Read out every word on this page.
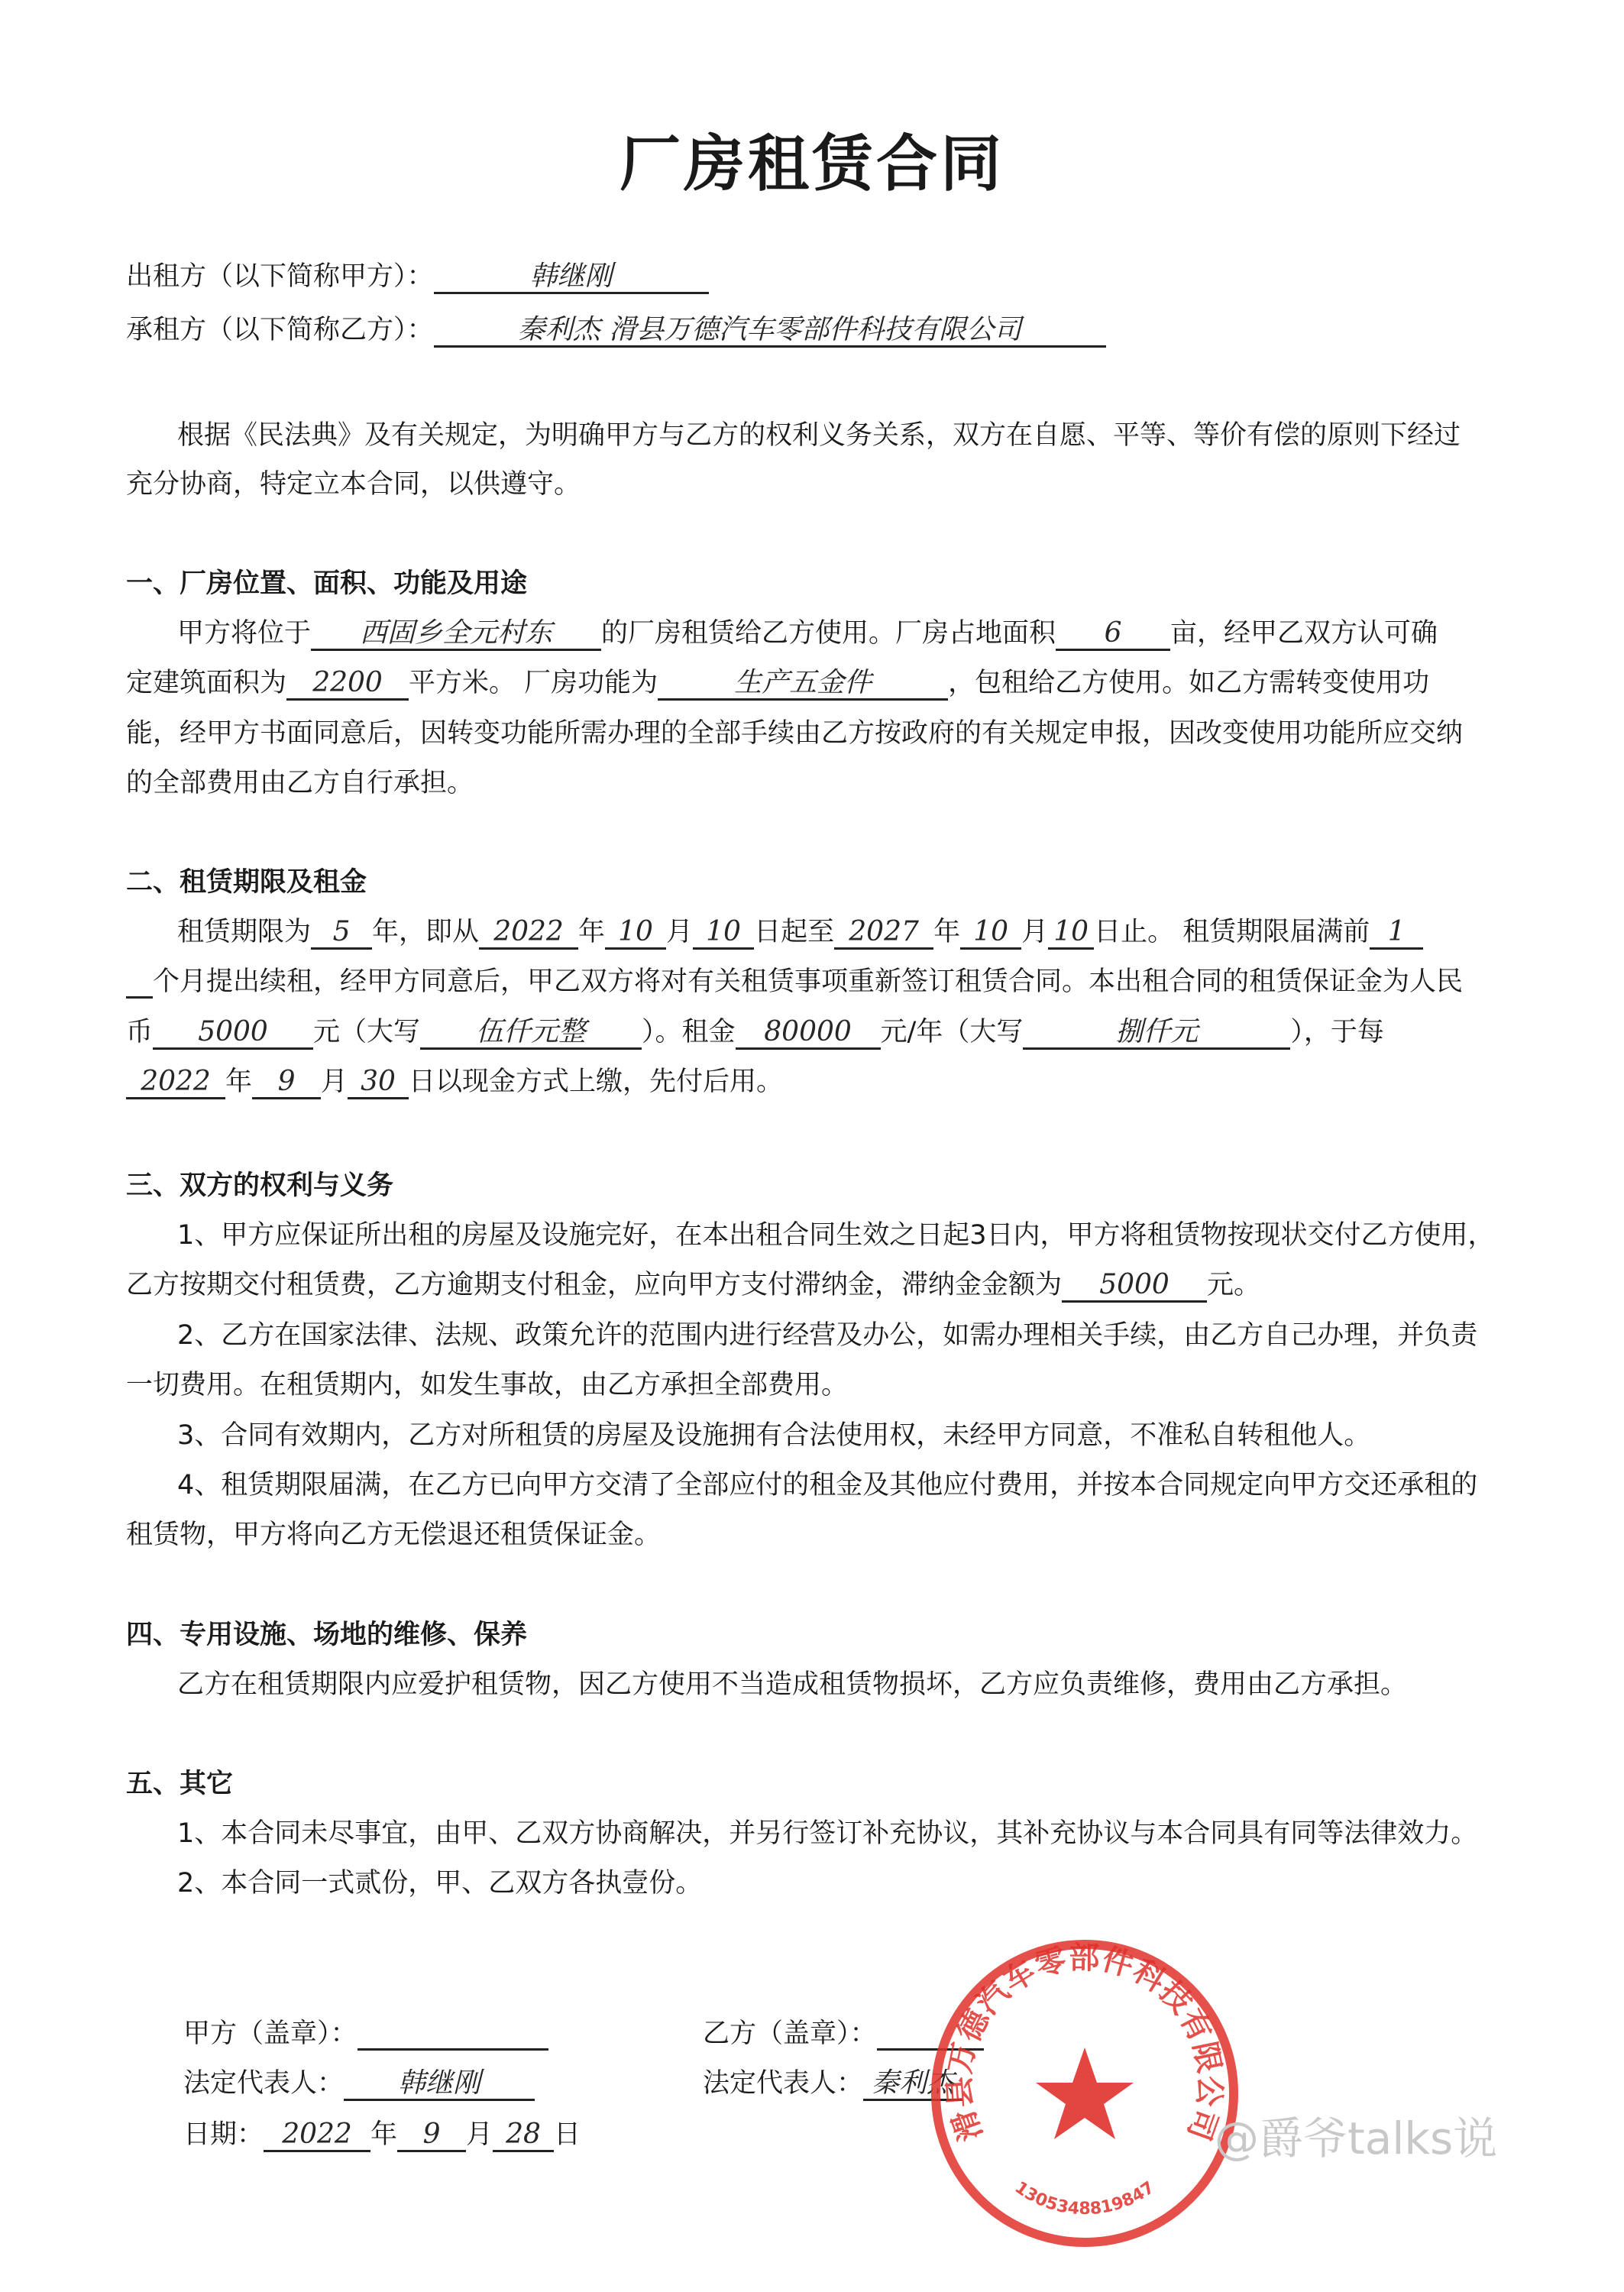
厂房租赁合同
出租方（以下简称甲方）：	韩继刚
承租方（以下简称乙方）：	秦利杰 滑县万德汽车零部件科技有限公司
根据《民法典》及有关规定，为明确甲方与乙方的权利义务关系，双方在自愿、平等、等价有偿的原则下经过
充分协商，特定立本合同，以供遵守。
一、厂房位置、面积、功能及用途
甲方将位于 西固乡全元村东 的厂房租赁给乙方使用。厂房占地面积 6 亩，经甲乙双方认可确
定建筑面积为 2200 平方米。 厂房功能为	生产五金件	，包租给乙方使用。如乙方需转变使用功
能，经甲方书面同意后，因转变功能所需办理的全部手续由乙方按政府的有关规定申报，因改变使用功能所应交纳
的全部费用由乙方自行承担。
二、租赁期限及租金
租赁期限为 5 年，即从 2022 年 10 月 10 日起至 2027 年 10 月 10 日止。 租赁期限届满前 1
个月提出续租，经甲方同意后，甲乙双方将对有关租赁事项重新签订租赁合同。本出租合同的租赁保证金为人民
币 5000 元（大写 伍仟元整 ）。租金 80000 元/年（大写	捌仟元	），于每
2022 年 9 月 30 日以现金方式上缴，先付后用。
三、双方的权利与义务
1、甲方应保证所出租的房屋及设施完好，在本出租合同生效之日起3日内，甲方将租赁物按现状交付乙方使用，
乙方按期交付租赁费，乙方逾期支付租金，应向甲方支付滞纳金，滞纳金金额为 5000 元。
2、乙方在国家法律、法规、政策允许的范围内进行经营及办公，如需办理相关手续，由乙方自己办理，并负责
一切费用。在租赁期内，如发生事故，由乙方承担全部费用。
3、合同有效期内，乙方对所租赁的房屋及设施拥有合法使用权，未经甲方同意，不准私自转租他人。
4、租赁期限届满，在乙方已向甲方交清了全部应付的租金及其他应付费用，并按本合同规定向甲方交还承租的
租赁物，甲方将向乙方无偿退还租赁保证金。
四、专用设施、场地的维修、保养
乙方在租赁期限内应爱护租赁物，因乙方使用不当造成租赁物损坏，乙方应负责维修，费用由乙方承担。
五、其它
1、本合同未尽事宜，由甲、乙双方协商解决，并另行签订补充协议，其补充协议与本合同具有同等法律效力。
2、本合同一式贰份，甲、乙双方各执壹份。
甲方（盖章）：
法定代表人： 韩继刚
日期： 2022 年 9 月 28 日
乙方（盖章）：
法定代表人： 秦利杰
滑县万德汽车零部件科技有限公司
1305348819847
@爵爷talks说
